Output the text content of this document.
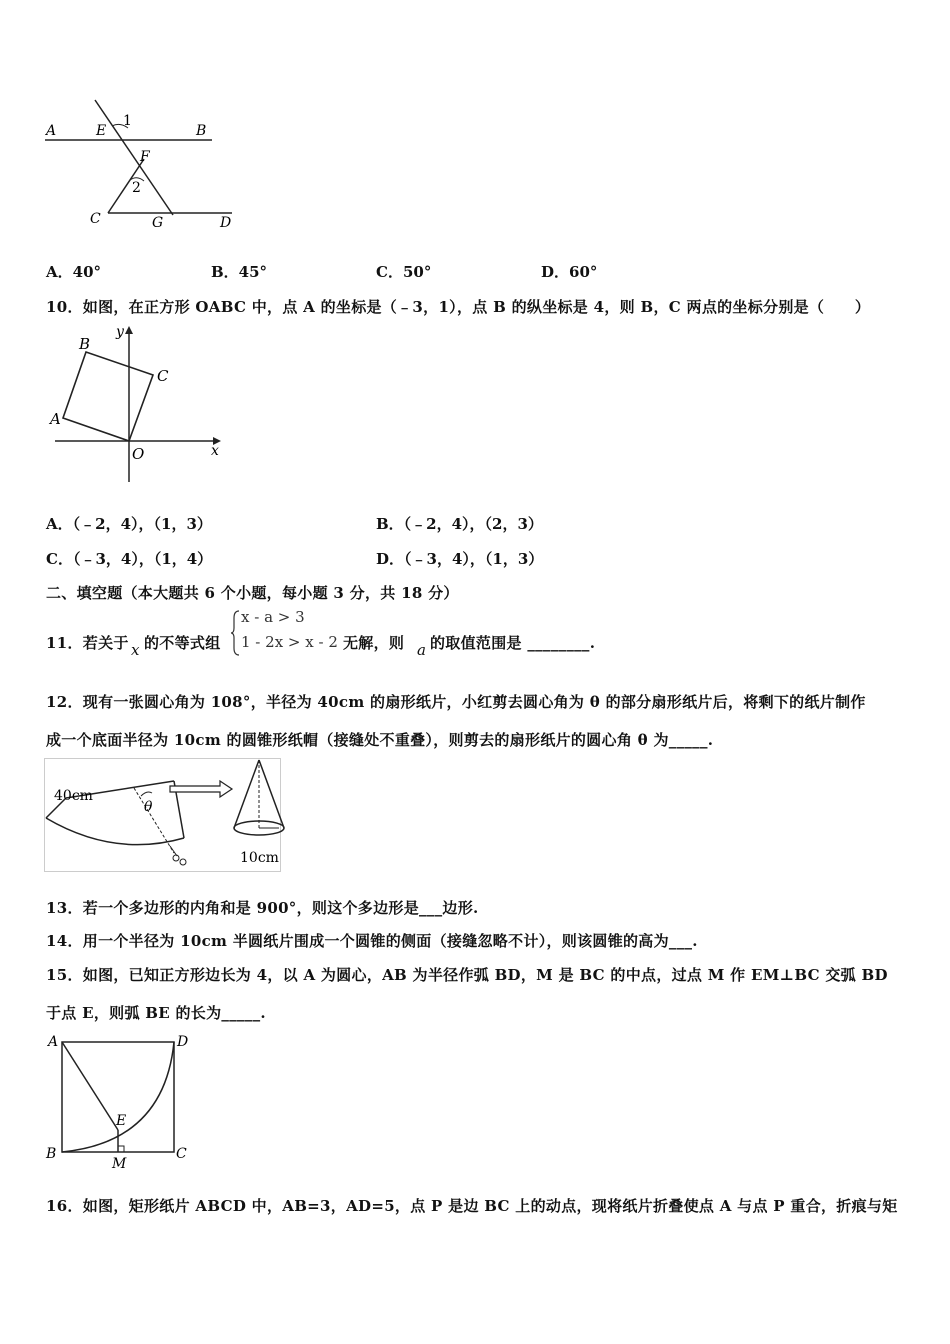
A	E
1
B
F
2
C	G	D
A．40°	B．45°	C．50°	D．60°
10．如图，在正方形 OABC 中，点 A 的坐标是（﹣3，1），点 B 的纵坐标是 4，则 B，C 两点的坐标分别是（　　）
B
y
C
A
O	x
A．（﹣2，4），（1，3）	B．（﹣2，4），（2，3）
C．（﹣3，4），（1，4）	D．（﹣3，4），（1，3）
二、填空题（本大题共 6 个小题，每小题 3 分，共 18 分）
11．若关于 x 的不等式组
x - a > 3
1 - 2x > x - 2 无解，则 a 的取值范围是 ________.
12．现有一张圆心角为 108°，半径为 40cm 的扇形纸片，小红剪去圆心角为 θ 的部分扇形纸片后，将剩下的纸片制作
成一个底面半径为 10cm 的圆锥形纸帽（接缝处不重叠），则剪去的扇形纸片的圆心角 θ 为_____.
40cm
θ
10cm
13．若一个多边形的内角和是 900°，则这个多边形是___边形.
14．用一个半径为 10cm 半圆纸片围成一个圆锥的侧面（接缝忽略不计），则该圆锥的高为___.
15．如图，已知正方形边长为 4，以 A 为圆心，AB 为半径作弧 BD，M 是 BC 的中点，过点 M 作 EM⊥BC 交弧 BD
于点 E，则弧 BE 的长为_____.
A	D
E
B
M
C
16．如图，矩形纸片 ABCD 中，AB=3，AD=5，点 P 是边 BC 上的动点，现将纸片折叠使点 A 与点 P 重合，折痕与矩
